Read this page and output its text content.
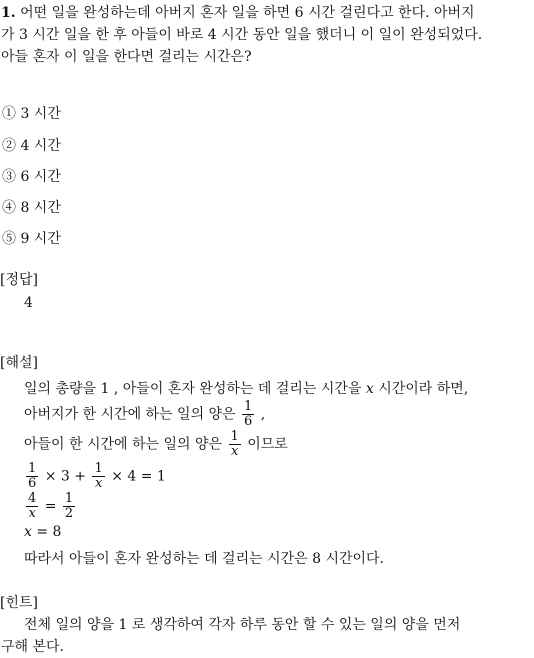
1. 어떤 일을 완성하는데 아버지 혼자 일을 하면 6 시간 걸린다고 한다. 아버지
가 3 시간 일을 한 후 아들이 바로 4 시간 동안 일을 했더니 이 일이 완성되었다.
아들 혼자 이 일을 한다면 걸리는 시간은?
① 3 시간
② 4 시간
③ 6 시간
④ 8 시간
⑤ 9 시간
[정답]
4
[해설]
일의 총량을 1 , 아들이 혼자 완성하는 데 걸리는 시간을 x 시간이라 하면,
아버지가 한 시간에 하는 일의 양은 $\frac{1}{6}$ ,
아들이 한 시간에 하는 일의 양은 $\frac{1}{x}$ 이므로
$\frac{1}{6} \times 3 + \frac{1}{x} \times 4 = 1$
$\frac{4}{x} = \frac{1}{2}$
x = 8
따라서 아들이 혼자 완성하는 데 걸리는 시간은 8 시간이다.
[힌트]
전체 일의 양을 1 로 생각하여 각자 하루 동안 할 수 있는 일의 양을 먼저
구해 본다.
